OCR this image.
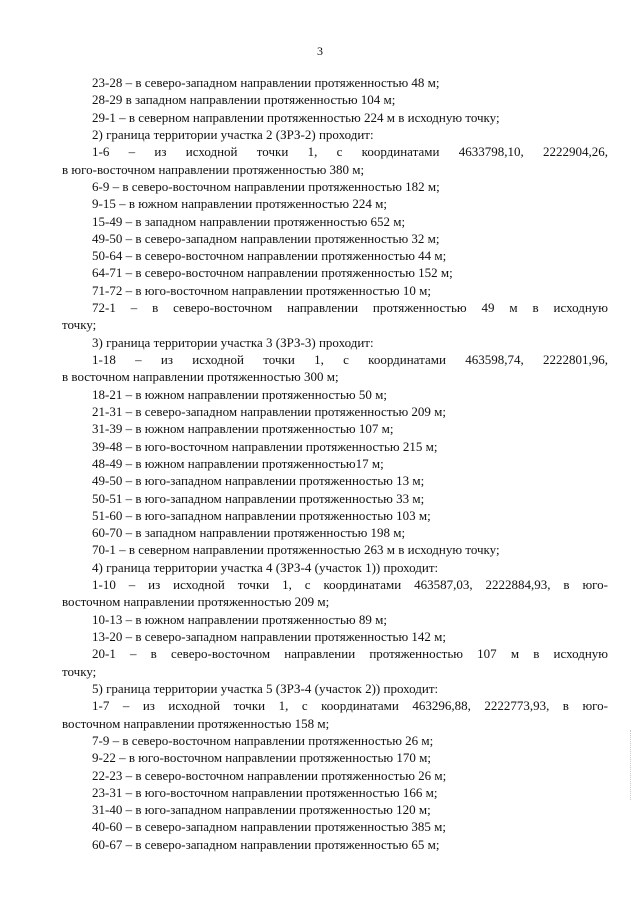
3
23-28 – в северо-западном направлении протяженностью 48 м;
28-29 в западном направлении протяженностью 104 м;
29-1 – в северном направлении протяженностью 224 м в исходную точку;
2) граница территории участка 2 (ЗРЗ-2) проходит:
1-6 – из исходной точки 1, с координатами 4633798,10, 2222904,26,
в юго-восточном направлении протяженностью 380 м;
6-9 – в северо-восточном направлении протяженностью 182 м;
9-15 – в южном направлении протяженностью 224 м;
15-49 – в западном направлении протяженностью 652 м;
49-50 – в северо-западном направлении протяженностью 32 м;
50-64 – в северо-восточном направлении протяженностью 44 м;
64-71 – в северо-восточном направлении протяженностью 152 м;
71-72 – в юго-восточном направлении протяженностью 10 м;
72-1 – в северо-восточном направлении протяженностью 49 м в исходную
точку;
3) граница территории участка 3 (ЗРЗ-3) проходит:
1-18 – из исходной точки 1, с координатами 463598,74, 2222801,96,
в восточном направлении протяженностью 300 м;
18-21 – в южном направлении протяженностью 50 м;
21-31 – в северо-западном направлении протяженностью 209 м;
31-39 – в южном направлении протяженностью 107 м;
39-48 – в юго-восточном направлении протяженностью 215 м;
48-49 – в южном направлении протяженностью17 м;
49-50 – в юго-западном направлении протяженностью 13 м;
50-51 – в юго-западном направлении протяженностью 33 м;
51-60 – в юго-западном направлении протяженностью 103 м;
60-70 – в западном направлении протяженностью 198 м;
70-1 – в северном направлении протяженностью 263 м в исходную точку;
4) граница территории участка 4 (ЗРЗ-4 (участок 1)) проходит:
1-10 – из исходной точки 1, с координатами 463587,03, 2222884,93, в юго-
восточном направлении протяженностью 209 м;
10-13 – в южном направлении протяженностью 89 м;
13-20 – в северо-западном направлении протяженностью 142 м;
20-1 – в северо-восточном направлении протяженностью 107 м в исходную
точку;
5) граница территории участка 5 (ЗРЗ-4 (участок 2)) проходит:
1-7 – из исходной точки 1, с координатами 463296,88, 2222773,93, в юго-
восточном направлении протяженностью 158 м;
7-9 – в северо-восточном направлении протяженностью 26 м;
9-22 – в юго-восточном направлении протяженностью 170 м;
22-23 – в северо-восточном направлении протяженностью 26 м;
23-31 – в юго-восточном направлении протяженностью 166 м;
31-40 – в юго-западном направлении протяженностью 120 м;
40-60 – в северо-западном направлении протяженностью 385 м;
60-67 – в северо-западном направлении протяженностью 65 м;
